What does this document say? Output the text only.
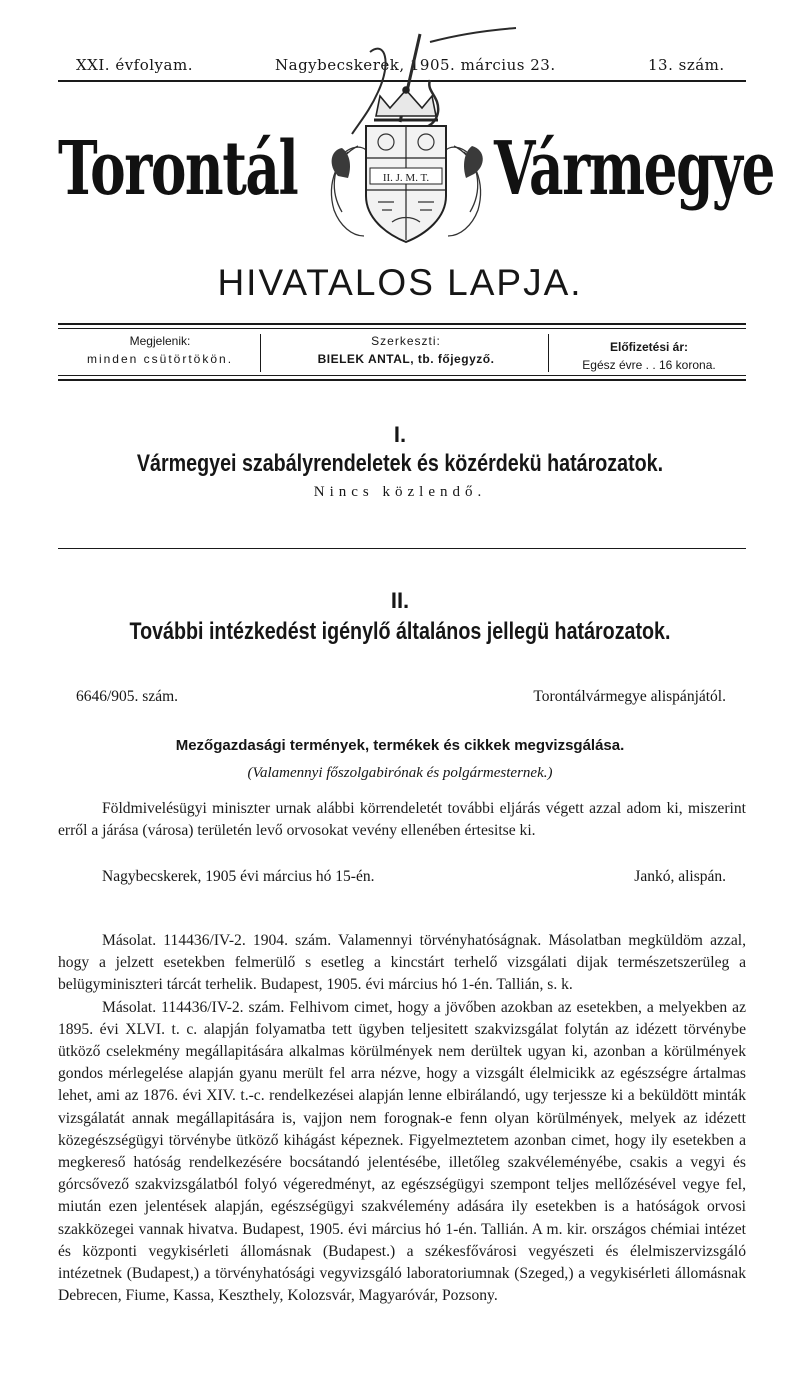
XXI. évfolyam.	Nagybecskerek, 1905. március 23.	13. szám.
Torontál	Vármegye
II. J. M. T.
HIVATALOS LAPJA.
Megjelenik:
minden csütörtökön.
Szerkeszti:
BIELEK ANTAL, tb. főjegyző.
Előfizetési ár:
Egész évre . . 16 korona.
I.
Vármegyei szabályrendeletek és közérdekü határozatok.
Nincs közlendő.
II.
További intézkedést igénylő általános jellegü határozatok.
6646/905. szám.	Torontálvármegye alispánjától.
Mezőgazdasági termények, termékek és cikkek megvizsgálása.
(Valamennyi főszolgabirónak és polgármesternek.)

Földmivelésügyi miniszter urnak alábbi körrendeletét további eljárás végett azzal adom ki, miszerint erről a járása (városa) területén levő orvosokat vevény ellenében értesitse ki.

Nagybecskerek, 1905 évi március hó 15-én.	Jankó, alispán.

Másolat. 114436/IV-2. 1904. szám. Valamennyi törvényhatóságnak. Másolatban megküldöm azzal, hogy a jelzett esetekben felmerülő s esetleg a kincstárt terhelő vizsgálati dijak természetszerüleg a belügyminiszteri tárcát terhelik. Budapest, 1905. évi március hó 1-én. Tallián, s. k.

Másolat. 114436/IV-2. szám. Felhivom cimet, hogy a jövőben azokban az esetekben, a melyekben az 1895. évi XLVI. t. c. alapján folyamatba tett ügyben teljesitett szakvizsgálat folytán az idézett törvénybe ütköző cselekmény megállapitására alkalmas körülmények nem derültek ugyan ki, azonban a körülmények gondos mérlegelése alapján gyanu merült fel arra nézve, hogy a vizsgált élelmicikk az egészségre ártalmas lehet, ami az 1876. évi XIV. t.-c. rendelkezései alapján lenne elbirálandó, ugy terjessze ki a beküldött minták vizsgálatát annak megállapitására is, vajjon nem forognak-e fenn olyan körülmények, melyek az idézett közegészségügyi törvénybe ütköző kihágást képeznek. Figyelmeztetem azonban cimet, hogy ily esetekben a megkereső hatóság rendelkezésére bocsátandó jelentésébe, illetőleg szakvéleményébe, csakis a vegyi és górcsővező szakvizsgálatból folyó végeredményt, az egészségügyi szempont teljes mellőzésével vegye fel, miután ezen jelentések alapján, egészségügyi szakvélemény adására ily esetekben is a hatóságok orvosi szakközegei vannak hivatva. Budapest, 1905. évi március hó 1-én. Tallián. A m. kir. országos chémiai intézet és központi vegykisérleti állomásnak (Budapest.) a székesfővárosi vegyészeti és élelmiszervizsgáló intézetnek (Budapest,) a törvényhatósági vegyvizsgáló laboratoriumnak (Szeged,) a vegykisérleti állomásnak Debrecen, Fiume, Kassa, Keszthely, Kolozsvár, Magyaróvár, Pozsony.
